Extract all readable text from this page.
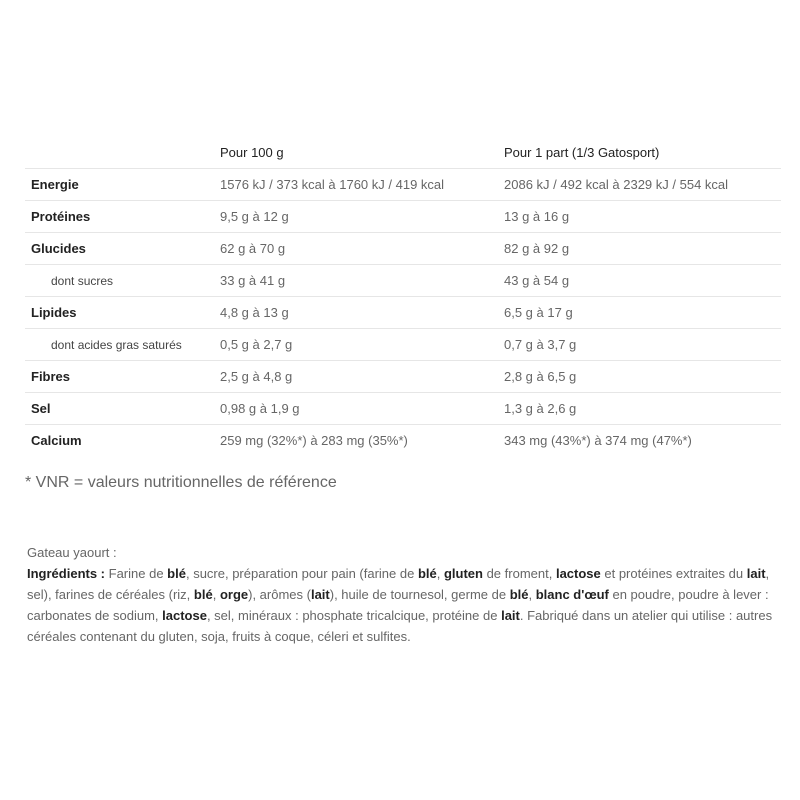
	Pour 100 g	Pour 1 part (1/3 Gatosport)
Energie	1576 kJ / 373 kcal à 1760 kJ / 419 kcal	2086 kJ / 492 kcal à 2329 kJ / 554 kcal
Protéines	9,5 g à 12 g	13 g à 16 g
Glucides	62 g à 70 g	82 g à 92 g
dont sucres	33 g à 41 g	43 g à 54 g
Lipides	4,8 g à 13 g	6,5 g à 17 g
dont acides gras saturés	0,5 g à 2,7 g	0,7 g à 3,7 g
Fibres	2,5 g à 4,8 g	2,8 g à 6,5 g
Sel	0,98 g à 1,9 g	1,3 g à 2,6 g
Calcium	259 mg (32%*) à 283 mg (35%*)	343 mg (43%*) à 374 mg (47%*)

* VNR = valeurs nutritionnelles de référence

Gateau yaourt :
Ingrédients : Farine de blé, sucre, préparation pour pain (farine de blé, gluten de froment, lactose et protéines extraites du lait, sel), farines de céréales (riz, blé, orge), arômes (lait), huile de tournesol, germe de blé, blanc d'œuf en poudre, poudre à lever : carbonates de sodium, lactose, sel, minéraux : phosphate tricalcique, protéine de lait. Fabriqué dans un atelier qui utilise : autres céréales contenant du gluten, soja, fruits à coque, céleri et sulfites.
